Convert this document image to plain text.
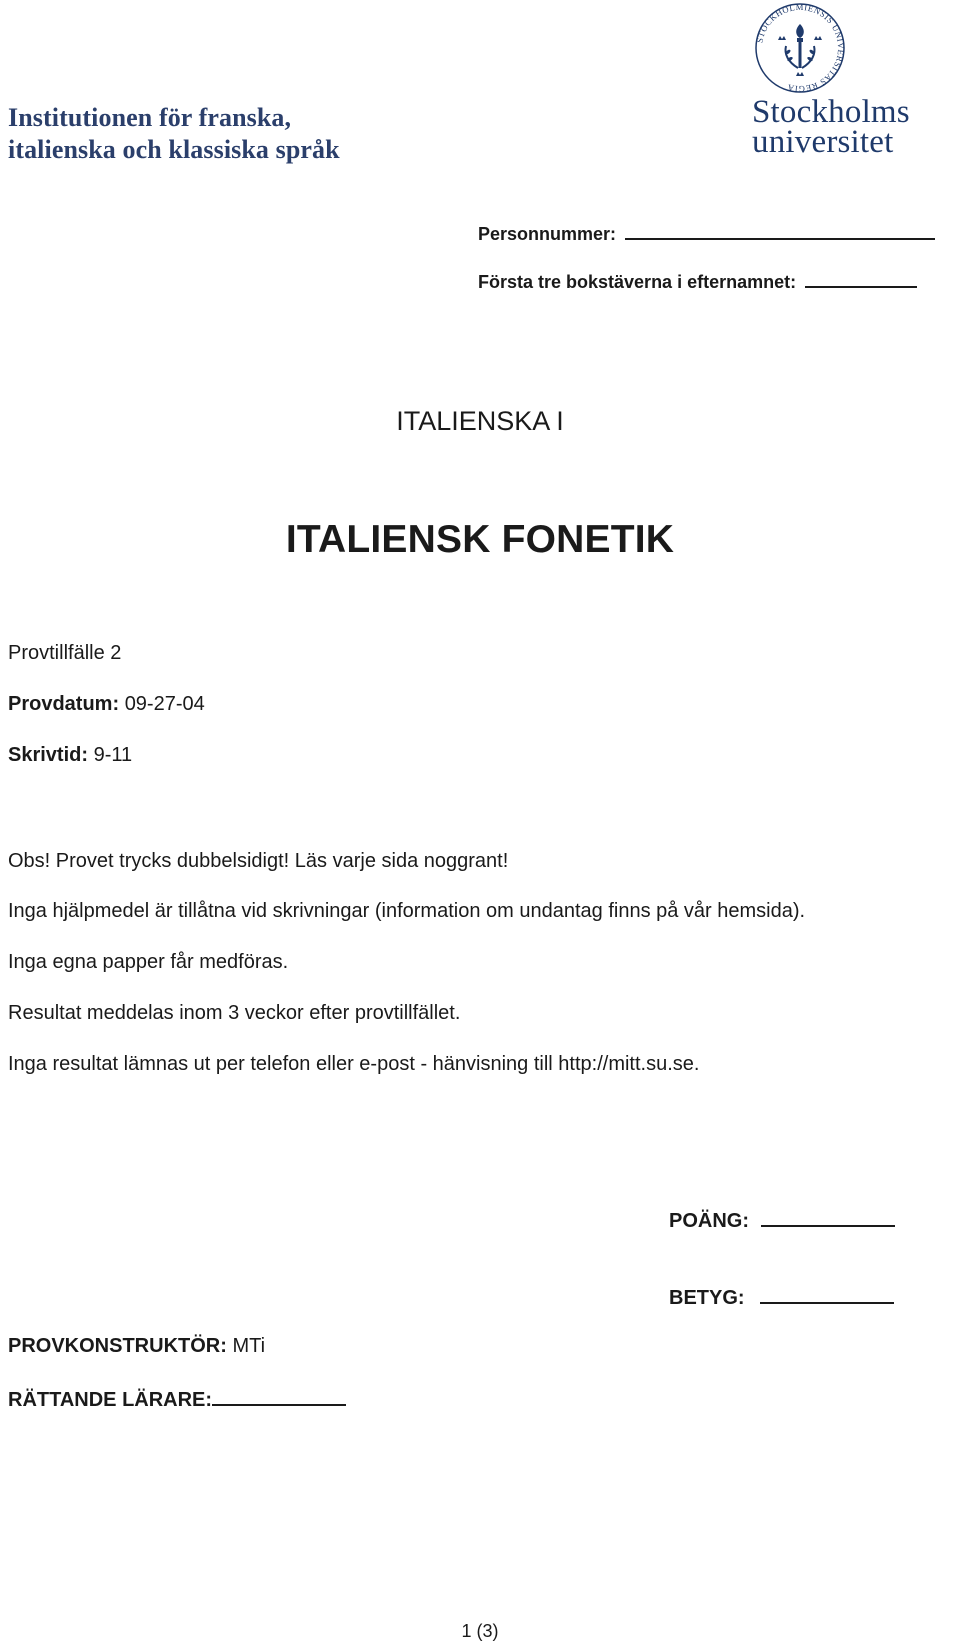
Institutionen för franska,
italienska och klassiska språk
STOCKHOLMIENSIS UNIVERSITAS REGIA
Stockholms
universitet
Personnummer:
Första tre bokstäverna i efternamnet:
ITALIENSKA I
ITALIENSK FONETIK
Provtillfälle 2
Provdatum: 09-27-04
Skrivtid: 9-11
Obs! Provet trycks dubbelsidigt! Läs varje sida noggrant!
Inga hjälpmedel är tillåtna vid skrivningar (information om undantag finns på vår hemsida).
Inga egna papper får medföras.
Resultat meddelas inom 3 veckor efter provtillfället.
Inga resultat lämnas ut per telefon eller e-post - hänvisning till http://mitt.su.se.
POÄNG:
BETYG:
PROVKONSTRUKTÖR: MTi
RÄTTANDE LÄRARE:
1 (3)
